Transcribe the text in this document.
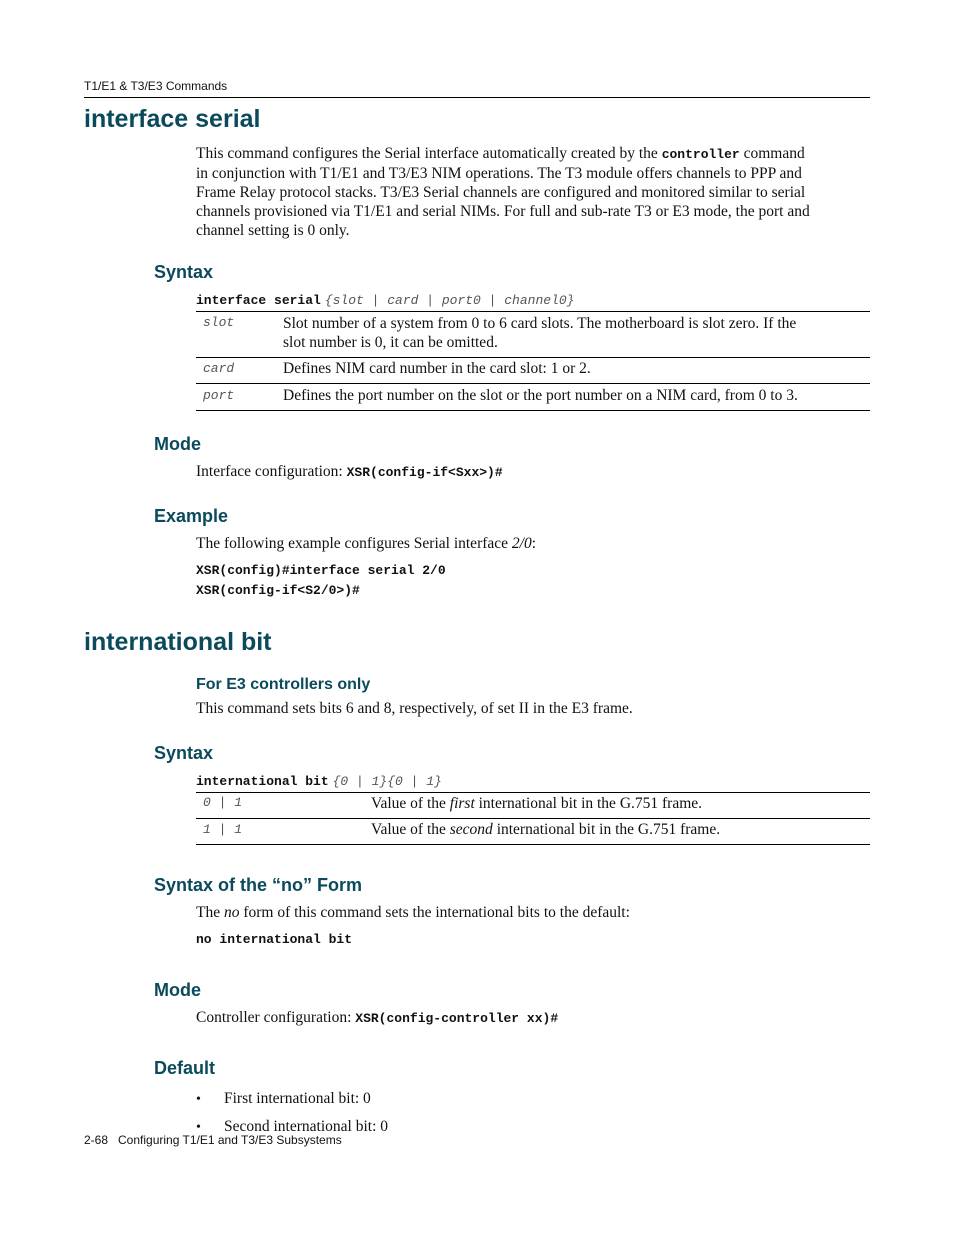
T1/E1 & T3/E3 Commands
interface serial
This command configures the Serial interface automatically created by the controller command
in conjunction with T1/E1 and T3/E3 NIM operations. The T3 module offers channels to PPP and
Frame Relay protocol stacks. T3/E3 Serial channels are configured and monitored similar to serial
channels provisioned via T1/E1 and serial NIMs. For full and sub-rate T3 or E3 mode, the port and
channel setting is 0 only.
Syntax
interface serial {slot | card | port0 | channel0}
slot	Slot number of a system from 0 to 6 card slots. The motherboard is slot zero. If the
slot number is 0, it can be omitted.
card	Defines NIM card number in the card slot: 1 or 2.
port	Defines the port number on the slot or the port number on a NIM card, from 0 to 3.
Mode
Interface configuration: XSR(config-if<Sxx>)#
Example
The following example configures Serial interface 2/0:
XSR(config)#interface serial 2/0
XSR(config-if<S2/0>)#
international bit
For E3 controllers only
This command sets bits 6 and 8, respectively, of set II in the E3 frame.
Syntax
international bit {0 | 1}{0 | 1}
0 | 1	Value of the first international bit in the G.751 frame.
1 | 1	Value of the second international bit in the G.751 frame.
Syntax of the “no” Form
The no form of this command sets the international bits to the default:
no international bit
Mode
Controller configuration: XSR(config-controller xx)#
Default
• First international bit: 0
• Second international bit: 0
2-68   Configuring T1/E1 and T3/E3 Subsystems
